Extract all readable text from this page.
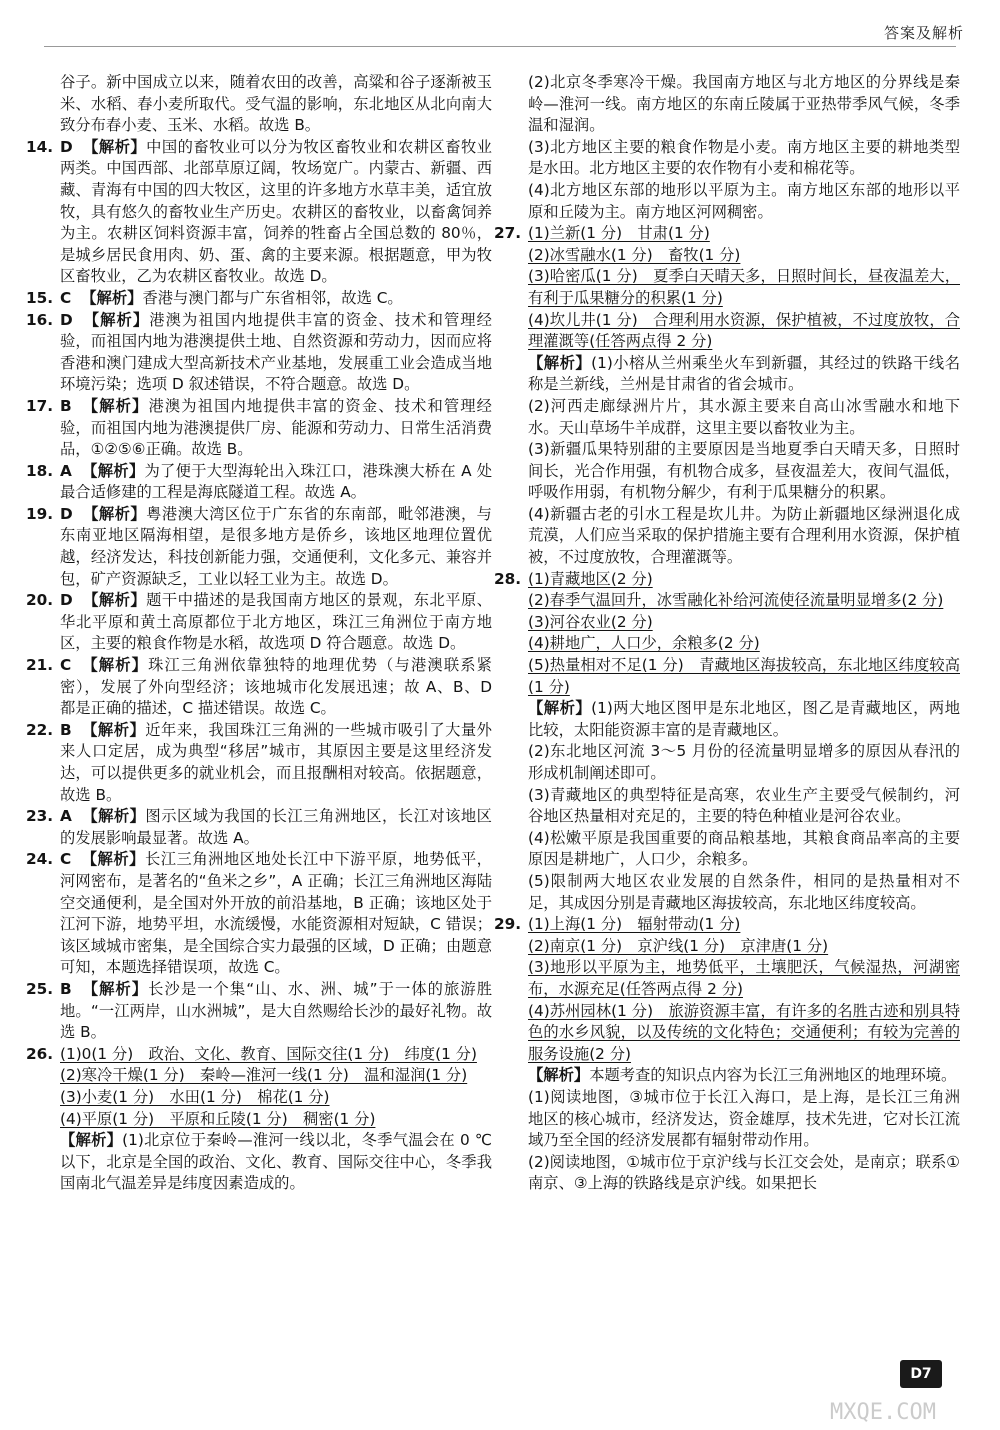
答案及解析

谷子。新中国成立以来，随着农田的改善，高粱和谷子逐渐被玉米、水稻、春小麦所取代。受气温的影响，东北地区从北向南大致分布春小麦、玉米、水稻。故选 B。

14. D 【解析】中国的畜牧业可以分为牧区畜牧业和农耕区畜牧业两类。中国西部、北部草原辽阔，牧场宽广。内蒙古、新疆、西藏、青海有中国的四大牧区，这里的许多地方水草丰美，适宜放牧，具有悠久的畜牧业生产历史。农耕区的畜牧业，以畜禽饲养为主。农耕区饲料资源丰富，饲养的牲畜占全国总数的 80％，是城乡居民食用肉、奶、蛋、禽的主要来源。根据题意，甲为牧区畜牧业，乙为农耕区畜牧业。故选 D。

15. C 【解析】香港与澳门都与广东省相邻，故选 C。

16. D 【解析】港澳为祖国内地提供丰富的资金、技术和管理经验，而祖国内地为港澳提供土地、自然资源和劳动力，因而应将香港和澳门建成大型高新技术产业基地，发展重工业会造成当地环境污染；选项 D 叙述错误，不符合题意。故选 D。

17. B 【解析】港澳为祖国内地提供丰富的资金、技术和管理经验，而祖国内地为港澳提供厂房、能源和劳动力、日常生活消费品，①②⑤⑥正确。故选 B。

18. A 【解析】为了便于大型海轮出入珠江口，港珠澳大桥在 A 处最合适修建的工程是海底隧道工程。故选 A。

19. D 【解析】粤港澳大湾区位于广东省的东南部，毗邻港澳，与东南亚地区隔海相望，是很多地方是侨乡，该地区地理位置优越，经济发达，科技创新能力强，交通便利，文化多元、兼容并包，矿产资源缺乏，工业以轻工业为主。故选 D。

20. D 【解析】题干中描述的是我国南方地区的景观，东北平原、华北平原和黄土高原都位于北方地区，珠江三角洲位于南方地区，主要的粮食作物是水稻，故选项 D 符合题意。故选 D。

21. C 【解析】珠江三角洲依靠独特的地理优势（与港澳联系紧密），发展了外向型经济；该地城市化发展迅速；故 A、B、D 都是正确的描述，C 描述错误。故选 C。

22. B 【解析】近年来，我国珠江三角洲的一些城市吸引了大量外来人口定居，成为典型“移居”城市，其原因主要是这里经济发达，可以提供更多的就业机会，而且报酬相对较高。依据题意，故选 B。

23. A 【解析】图示区域为我国的长江三角洲地区，长江对该地区的发展影响最显著。故选 A。

24. C 【解析】长江三角洲地区地处长江中下游平原，地势低平，河网密布，是著名的“鱼米之乡”，A 正确；长江三角洲地区海陆空交通便利，是全国对外开放的前沿基地，B 正确；该地区处于江河下游，地势平坦，水流缓慢，水能资源相对短缺，C 错误；该区域城市密集，是全国综合实力最强的区域，D 正确；由题意可知，本题选择错误项，故选 C。

25. B 【解析】长沙是一个集“山、水、洲、城”于一体的旅游胜地。“一江两岸，山水洲城”，是大自然赐给长沙的最好礼物。故选 B。

26. (1)0(1 分)　政治、文化、教育、国际交往(1 分)　纬度(1 分)

(2)寒冷干燥(1 分)　秦岭—淮河一线(1 分)　温和湿润(1 分)

(3)小麦(1 分)　水田(1 分)　棉花(1 分)

(4)平原(1 分)　平原和丘陵(1 分)　稠密(1 分)

【解析】(1)北京位于秦岭—淮河一线以北，冬季气温会在 0 ℃以下，北京是全国的政治、文化、教育、国际交往中心，冬季我国南北气温差异是纬度因素造成的。

(2)北京冬季寒冷干燥。我国南方地区与北方地区的分界线是秦岭—淮河一线。南方地区的东南丘陵属于亚热带季风气候，冬季温和湿润。

(3)北方地区主要的粮食作物是小麦。南方地区主要的耕地类型是水田。北方地区主要的农作物有小麦和棉花等。

(4)北方地区东部的地形以平原为主。南方地区东部的地形以平原和丘陵为主。南方地区河网稠密。

27. (1)兰新(1 分)　甘肃(1 分)

(2)冰雪融水(1 分)　畜牧(1 分)

(3)哈密瓜(1 分)　夏季白天晴天多，日照时间长，昼夜温差大，有利于瓜果糖分的积累(1 分)

(4)坎儿井(1 分)　合理利用水资源，保护植被，不过度放牧，合理灌溉等(任答两点得 2 分)

【解析】(1)小榕从兰州乘坐火车到新疆，其经过的铁路干线名称是兰新线，兰州是甘肃省的省会城市。

(2)河西走廊绿洲片片，其水源主要来自高山冰雪融水和地下水。天山草场牛羊成群，这里主要以畜牧业为主。

(3)新疆瓜果特别甜的主要原因是当地夏季白天晴天多，日照时间长，光合作用强，有机物合成多，昼夜温差大，夜间气温低，呼吸作用弱，有机物分解少，有利于瓜果糖分的积累。

(4)新疆古老的引水工程是坎儿井。为防止新疆地区绿洲退化成荒漠，人们应当采取的保护措施主要有合理利用水资源，保护植被，不过度放牧，合理灌溉等。

28. (1)青藏地区(2 分)

(2)春季气温回升，冰雪融化补给河流使径流量明显增多(2 分)

(3)河谷农业(2 分)

(4)耕地广，人口少，余粮多(2 分)

(5)热量相对不足(1 分)　青藏地区海拔较高，东北地区纬度较高(1 分)

【解析】(1)两大地区图甲是东北地区，图乙是青藏地区，两地比较，太阳能资源丰富的是青藏地区。

(2)东北地区河流 3～5 月份的径流量明显增多的原因从春汛的形成机制阐述即可。

(3)青藏地区的典型特征是高寒，农业生产主要受气候制约，河谷地区热量相对充足的，主要的特色种植业是河谷农业。

(4)松嫩平原是我国重要的商品粮基地，其粮食商品率高的主要原因是耕地广，人口少，余粮多。

(5)限制两大地区农业发展的自然条件，相同的是热量相对不足，其成因分别是青藏地区海拔较高，东北地区纬度较高。

29. (1)上海(1 分)　辐射带动(1 分)

(2)南京(1 分)　京沪线(1 分)　京津唐(1 分)

(3)地形以平原为主，地势低平，土壤肥沃，气候湿热，河湖密布，水源充足(任答两点得 2 分)

(4)苏州园林(1 分)　旅游资源丰富，有许多的名胜古迹和别具特色的水乡风貌，以及传统的文化特色；交通便利；有较为完善的服务设施(2 分)

【解析】本题考查的知识点内容为长江三角洲地区的地理环境。

(1)阅读地图，③城市位于长江入海口，是上海，是长江三角洲地区的核心城市，经济发达，资金雄厚，技术先进，它对长江流域乃至全国的经济发展都有辐射带动作用。

(2)阅读地图，①城市位于京沪线与长江交会处，是南京；联系①南京、③上海的铁路线是京沪线。如果把长

D7
MXQE.COM
